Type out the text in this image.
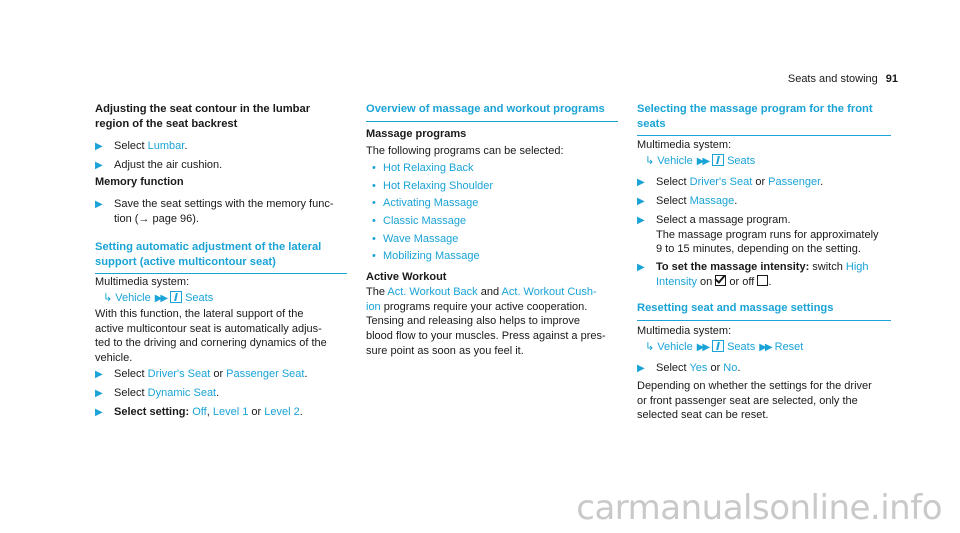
Seats and stowing 91
Adjusting the seat contour in the lumbar
region of the seat backrest
▶ Select Lumbar.
▶ Adjust the air cushion.
Memory function
▶ Save the seat settings with the memory func-
tion (→ page 96).
Setting automatic adjustment of the lateral
support (active multicontour seat)
Multimedia system:
↳ Vehicle ▶▶ Seats
With this function, the lateral support of the
active multicontour seat is automatically adjus-
ted to the driving and cornering dynamics of the
vehicle.
▶ Select Driver's Seat or Passenger Seat.
▶ Select Dynamic Seat.
▶ Select setting: Off, Level 1 or Level 2.
Overview of massage and workout programs
Massage programs
The following programs can be selected:
• Hot Relaxing Back
• Hot Relaxing Shoulder
• Activating Massage
• Classic Massage
• Wave Massage
• Mobilizing Massage
Active Workout
The Act. Workout Back and Act. Workout Cush-
ion programs require your active cooperation.
Tensing and releasing also helps to improve
blood flow to your muscles. Press against a pres-
sure point as soon as you feel it.
Selecting the massage program for the front
seats
Multimedia system:
↳ Vehicle ▶▶ Seats
▶ Select Driver's Seat or Passenger.
▶ Select Massage.
▶ Select a massage program.
The massage program runs for approximately
9 to 15 minutes, depending on the setting.
▶ To set the massage intensity: switch High
Intensity on  or off .
Resetting seat and massage settings
Multimedia system:
↳ Vehicle ▶▶ Seats ▶▶ Reset
▶ Select Yes or No.
Depending on whether the settings for the driver
or front passenger seat are selected, only the
selected seat can be reset.
carmanualsonline.info
